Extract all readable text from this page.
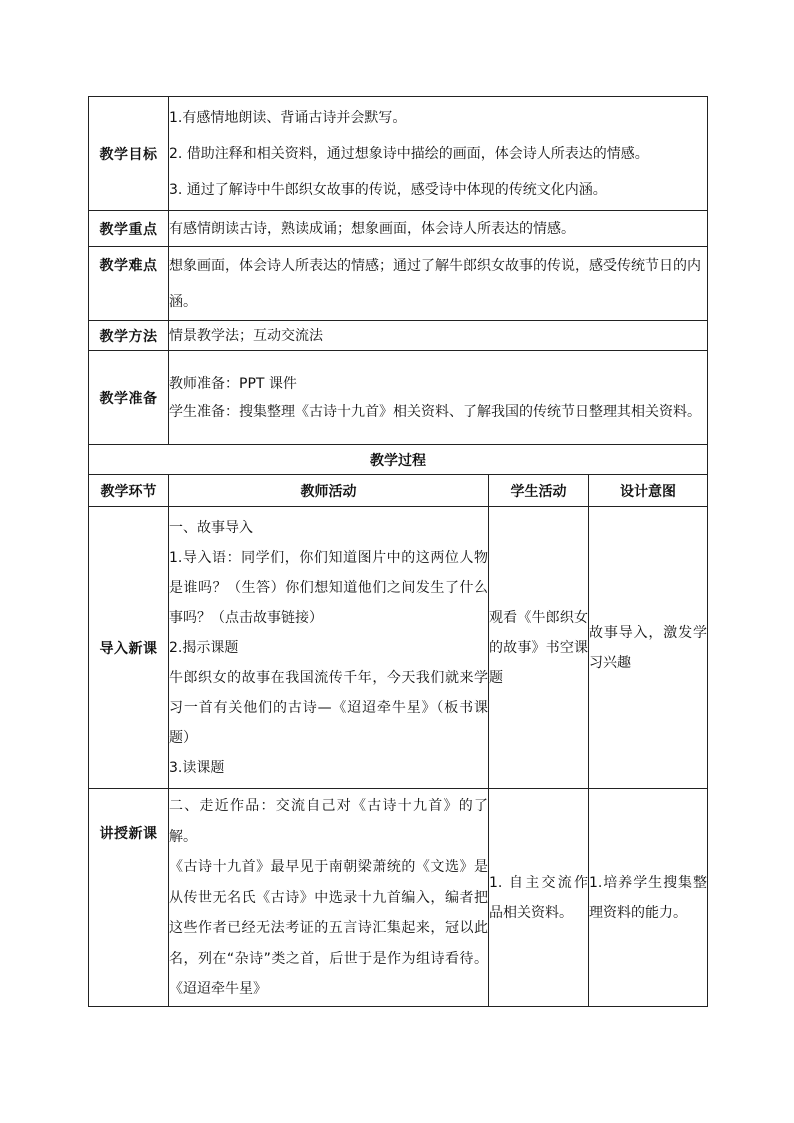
教学目标	1.有感情地朗读、背诵古诗并会默写。

2. 借助注释和相关资料，通过想象诗中描绘的画面，体会诗人所表达的情感。

3. 通过了解诗中牛郎织女故事的传说，感受诗中体现的传统文化内涵。		

教学重点	有感情朗读古诗，熟读成诵；想象画面，体会诗人所表达的情感。		
教学难点	想象画面，体会诗人所表达的情感；通过了解牛郎织女故事的传说，感受传统节日的内涵。		
教学方法	情景教学法；互动交流法		
教学准备	教师准备：PPT 课件

学生准备：搜集整理《古诗十九首》相关资料、了解我国的传统节日整理其相关资料。		

教学过程			
教学环节	教师活动	学生活动	设计意图
导入新课	一、故事导入

1.导入语：同学们，你们知道图片中的这两位人物是谁吗？（生答）你们想知道他们之间发生了什么事吗？（点击故事链接）

2.揭示课题

牛郎织女的故事在我国流传千年，今天我们就来学习一首有关他们的古诗—《迢迢牵牛星》（板书课题）

3.读课题	观看《牛郎织女的故事》书空课题	故事导入，激发学习兴趣
讲授新课	二、走近作品：交流自己对《古诗十九首》的了解。

《古诗十九首》最早见于南朝梁萧统的《文选》是从传世无名氏《古诗》中选录十九首编入，编者把这些作者已经无法考证的五言诗汇集起来，冠以此名，列在“杂诗”类之首，后世于是作为组诗看待。《迢迢牵牛星》	1. 自主交流作品相关资料。	1.培养学生搜集整理资料的能力。
